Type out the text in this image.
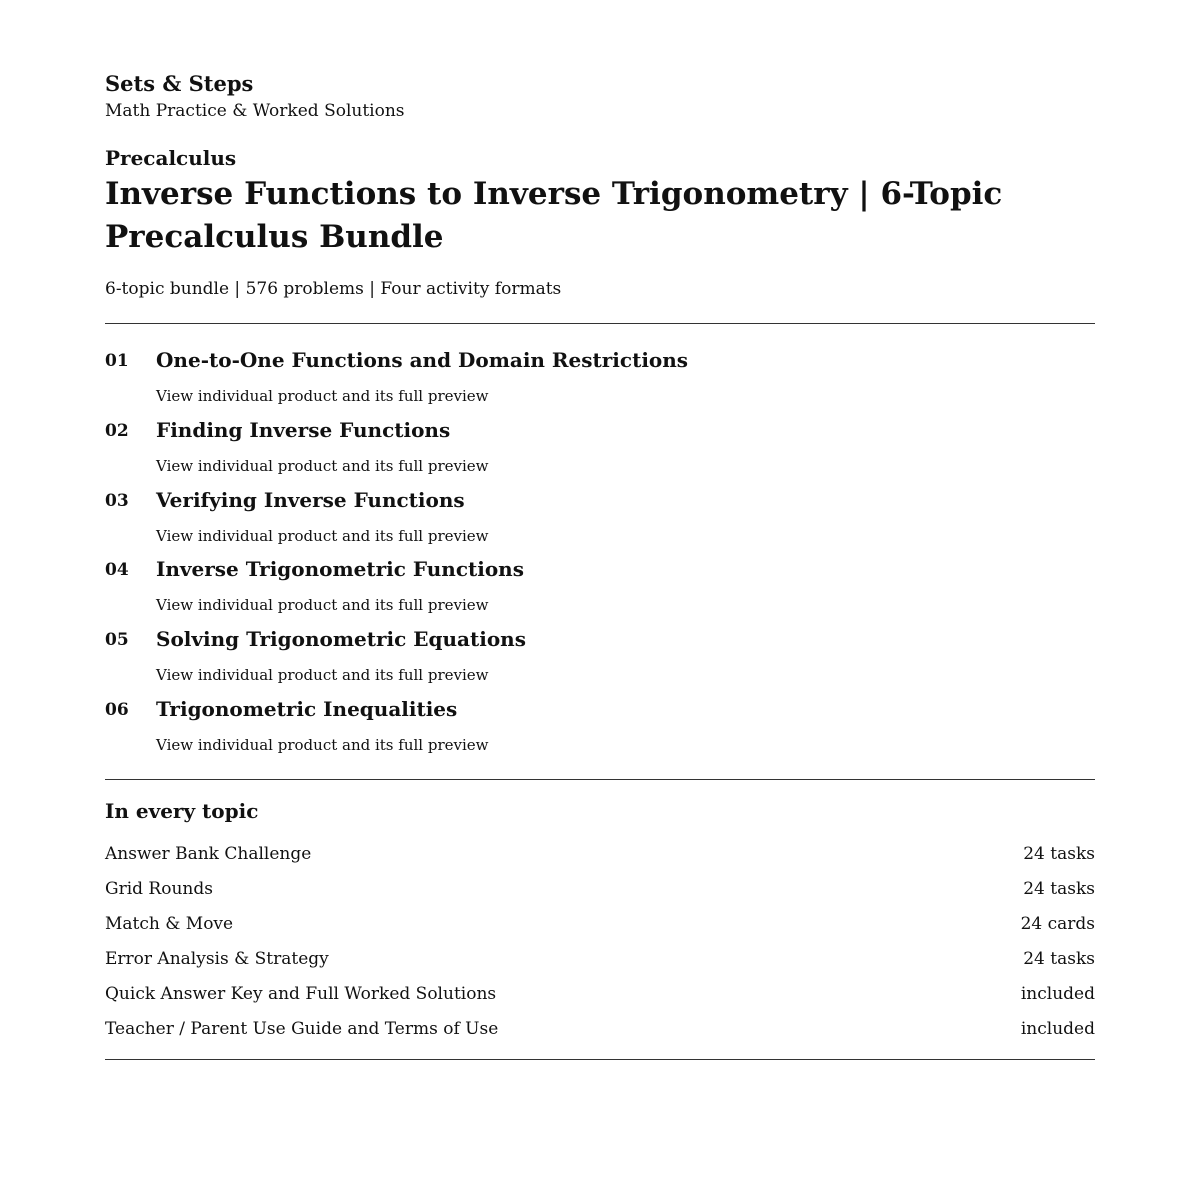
Sets & Steps
Math Practice & Worked Solutions
Precalculus
Inverse Functions to Inverse Trigonometry | 6-Topic Precalculus Bundle
6-topic bundle | 576 problems | Four activity formats
01 One-to-One Functions and Domain Restrictions
View individual product and its full preview
02 Finding Inverse Functions
View individual product and its full preview
03 Verifying Inverse Functions
View individual product and its full preview
04 Inverse Trigonometric Functions
View individual product and its full preview
05 Solving Trigonometric Equations
View individual product and its full preview
06 Trigonometric Inequalities
View individual product and its full preview
In every topic
Answer Bank Challenge	24 tasks
Grid Rounds	24 tasks
Match & Move	24 cards
Error Analysis & Strategy	24 tasks
Quick Answer Key and Full Worked Solutions	included
Teacher / Parent Use Guide and Terms of Use	included
